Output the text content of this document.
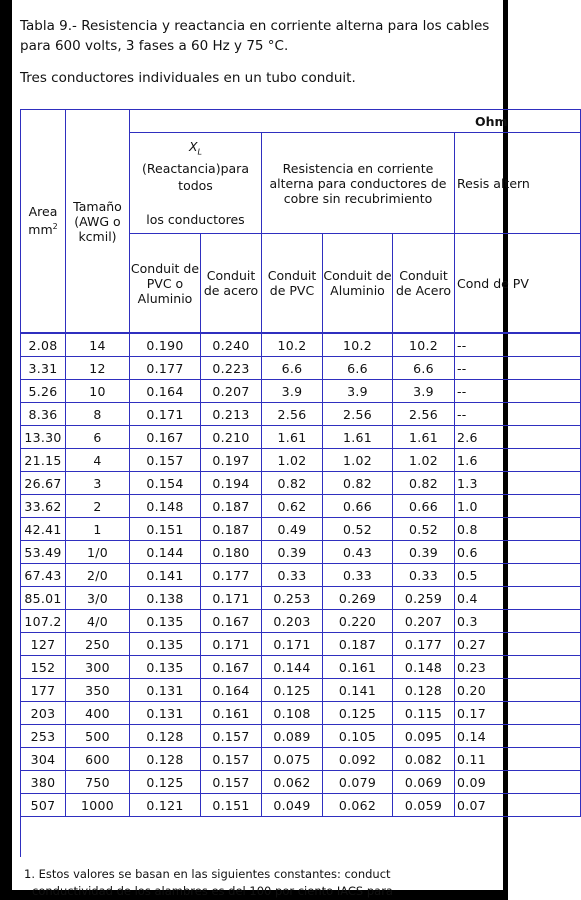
Tabla 9.- Resistencia y reactancia en corriente alterna para los cables para 600 volts, 3 fases a 60 Hz y 75 °C.

Tres conductores individuales en un tubo conduit.

Area $mm^2$	Tamaño (AWG o kcmil)	Ohm					

		$X_L$
(Reactancia)para todos

los conductores		Resistencia en corriente alterna para conductores de cobre sin recubrimiento			Resis altern
		Conduit de PVC o Aluminio	Conduit de acero	Conduit de PVC	Conduit de Aluminio	Conduit de Acero	Cond de PV
2.08	14	0.190	0.240	10.2	10.2	10.2	--
3.31	12	0.177	0.223	6.6	6.6	6.6	--
5.26	10	0.164	0.207	3.9	3.9	3.9	--
8.36	8	0.171	0.213	2.56	2.56	2.56	--
13.30	6	0.167	0.210	1.61	1.61	1.61	2.6
21.15	4	0.157	0.197	1.02	1.02	1.02	1.6
26.67	3	0.154	0.194	0.82	0.82	0.82	1.3
33.62	2	0.148	0.187	0.62	0.66	0.66	1.0
42.41	1	0.151	0.187	0.49	0.52	0.52	0.8
53.49	1/0	0.144	0.180	0.39	0.43	0.39	0.6
67.43	2/0	0.141	0.177	0.33	0.33	0.33	0.5
85.01	3/0	0.138	0.171	0.253	0.269	0.259	0.4
107.2	4/0	0.135	0.167	0.203	0.220	0.207	0.3
127	250	0.135	0.171	0.171	0.187	0.177	0.27
152	300	0.135	0.167	0.144	0.161	0.148	0.23
177	350	0.131	0.164	0.125	0.141	0.128	0.20
203	400	0.131	0.161	0.108	0.125	0.115	0.17
253	500	0.128	0.157	0.089	0.105	0.095	0.14
304	600	0.128	0.157	0.075	0.092	0.082	0.11
380	750	0.125	0.157	0.062	0.079	0.069	0.09
507	1000	0.121	0.151	0.049	0.062	0.059	0.07

1. Estos valores se basan en las siguientes constantes: conduct
conductividad de los alambres es del 100 por ciento IACS para
